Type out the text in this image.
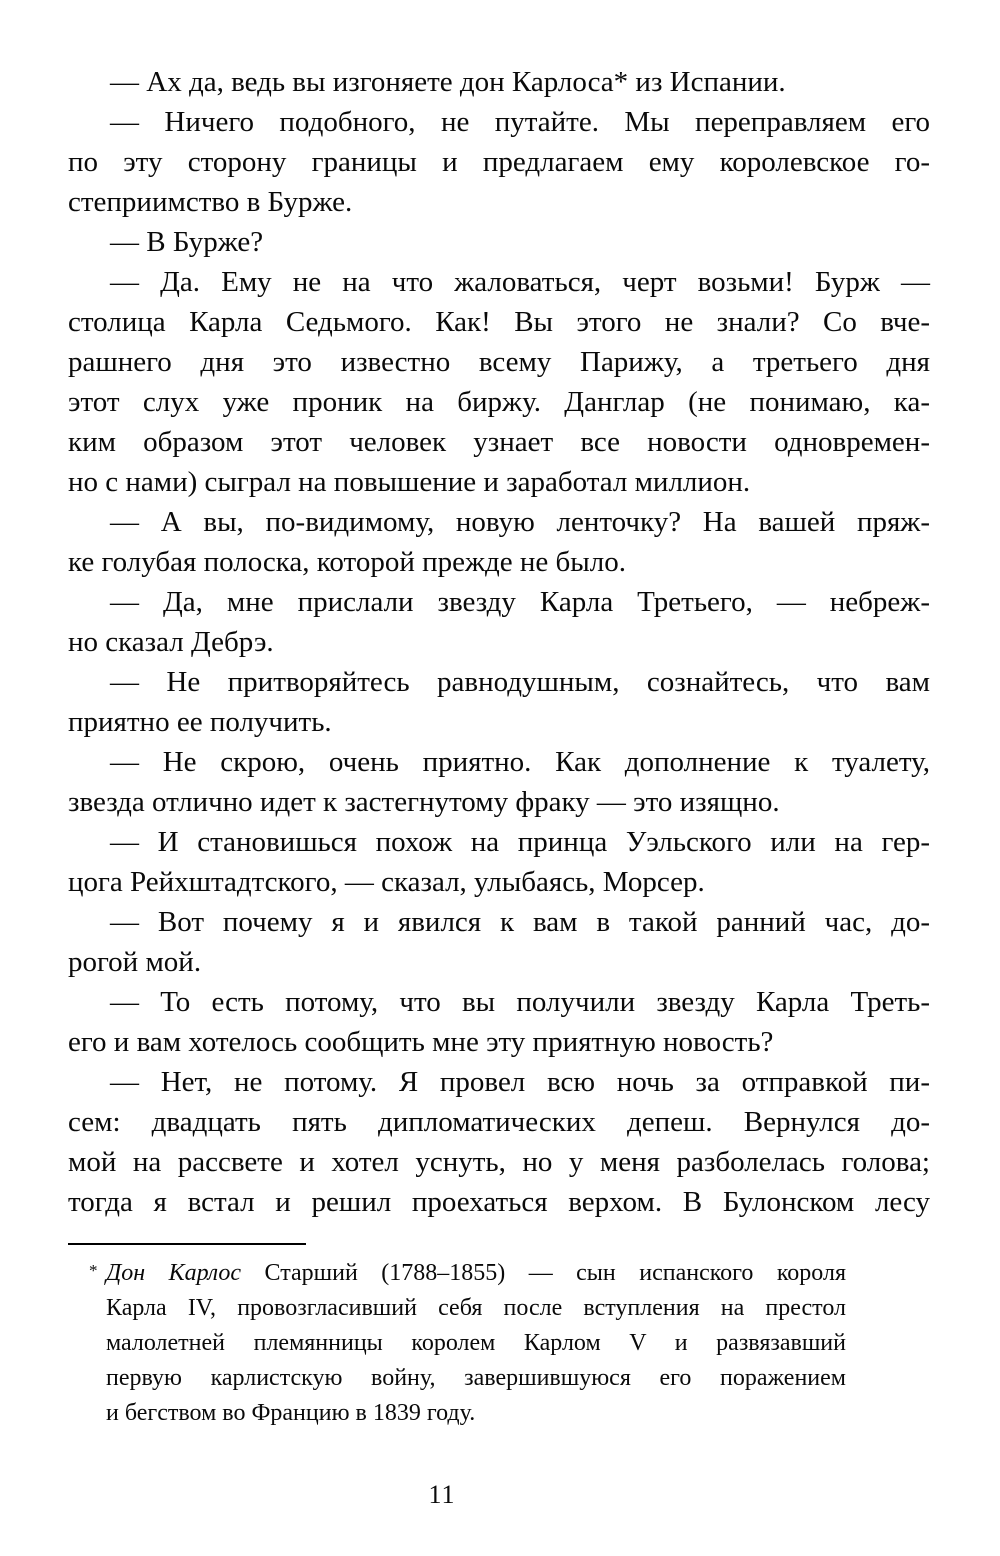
— Ах да, ведь вы изгоняете дон Карлоса* из Испании.
— Ничего подобного, не путайте. Мы переправляем его
по эту сторону границы и предлагаем ему королевское го-
степриимство в Бурже.
— В Бурже?
— Да. Ему не на что жаловаться, черт возьми! Бурж —
столица Карла Седьмого. Как! Вы этого не знали? Со вче-
рашнего дня это известно всему Парижу, а третьего дня
этот слух уже проник на биржу. Данглар (не понимаю, ка-
ким образом этот человек узнает все новости одновремен-
но с нами) сыграл на повышение и заработал миллион.
— А вы, по-видимому, новую ленточку? На вашей пряж-
ке голубая полоска, которой прежде не было.
— Да, мне прислали звезду Карла Третьего, — небреж-
но сказал Дебрэ.
— Не притворяйтесь равнодушным, сознайтесь, что вам
приятно ее получить.
— Не скрою, очень приятно. Как дополнение к туалету,
звезда отлично идет к застегнутому фраку — это изящно.
— И становишься похож на принца Уэльского или на гер-
цога Рейхштадтского, — сказал, улыбаясь, Морсер.
— Вот почему я и явился к вам в такой ранний час, до-
рогой мой.
— То есть потому, что вы получили звезду Карла Треть-
его и вам хотелось сообщить мне эту приятную новость?
— Нет, не потому. Я провел всю ночь за отправкой пи-
сем: двадцать пять дипломатических депеш. Вернулся до-
мой на рассвете и хотел уснуть, но у меня разболелась голова;
тогда я встал и решил проехаться верхом. В Булонском лесу
* Дон Карлос Старший (1788–1855) — сын испанского короля
Карла IV, провозгласивший себя после вступления на престол
малолетней племянницы королем Карлом V и развязавший
первую карлистскую войну, завершившуюся его поражением
и бегством во Францию в 1839 году.
11
